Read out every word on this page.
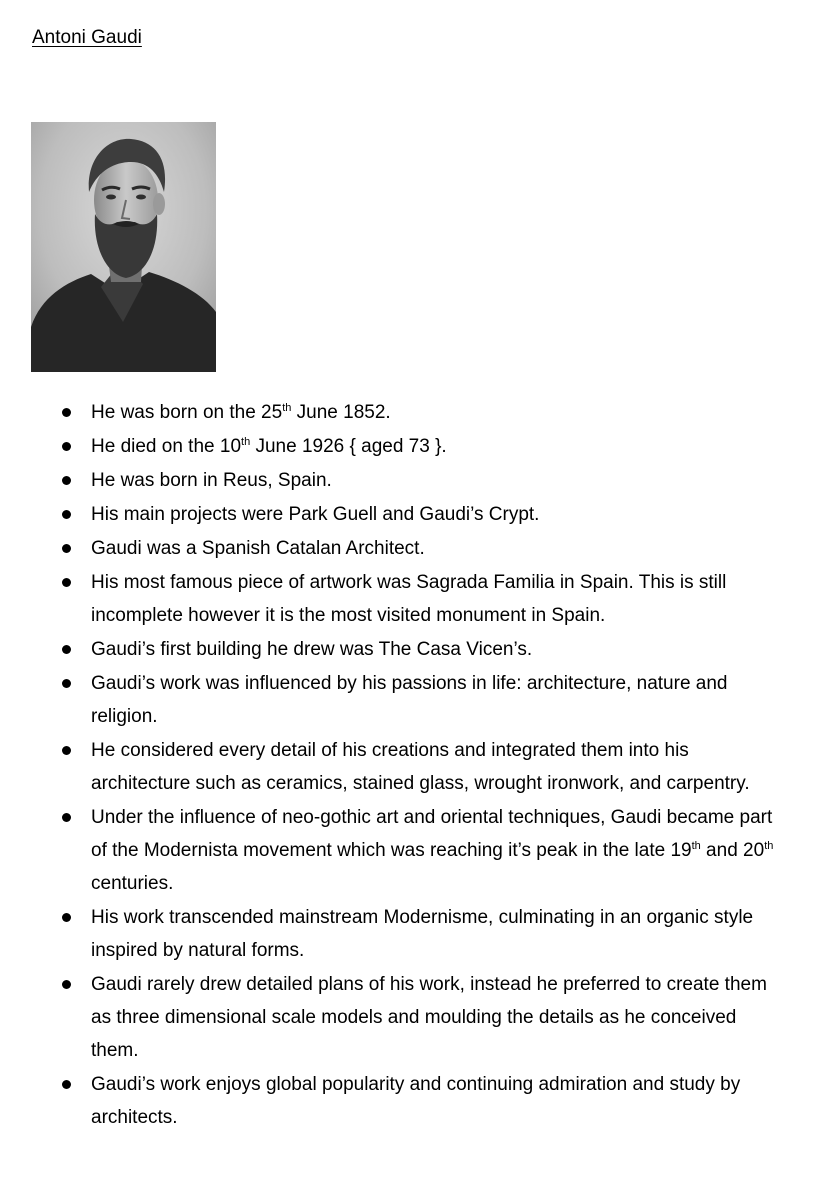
Antoni Gaudi
He was born on the 25th June 1852.
He died on the 10th June 1926 { aged 73 }.
He was born in Reus, Spain.
His main projects were Park Guell and Gaudi’s Crypt.
Gaudi was a Spanish Catalan Architect.
His most famous piece of artwork was Sagrada Familia in Spain. This is still incomplete however it is the most visited monument in Spain.
Gaudi’s first building he drew was The Casa Vicen’s.
Gaudi’s work was influenced by his passions in life: architecture, nature and religion.
He considered every detail of his creations and integrated them into his architecture such as ceramics, stained glass, wrought ironwork, and carpentry.
Under the influence of neo-gothic art and oriental techniques, Gaudi became part of the Modernista movement which was reaching it’s peak in the late 19th and 20th centuries.
His work transcended mainstream Modernisme, culminating in an organic style inspired by natural forms.
Gaudi rarely drew detailed plans of his work, instead he preferred to create them as three dimensional scale models and moulding the details as he conceived them.
Gaudi’s work enjoys global popularity and continuing admiration and study by architects.
